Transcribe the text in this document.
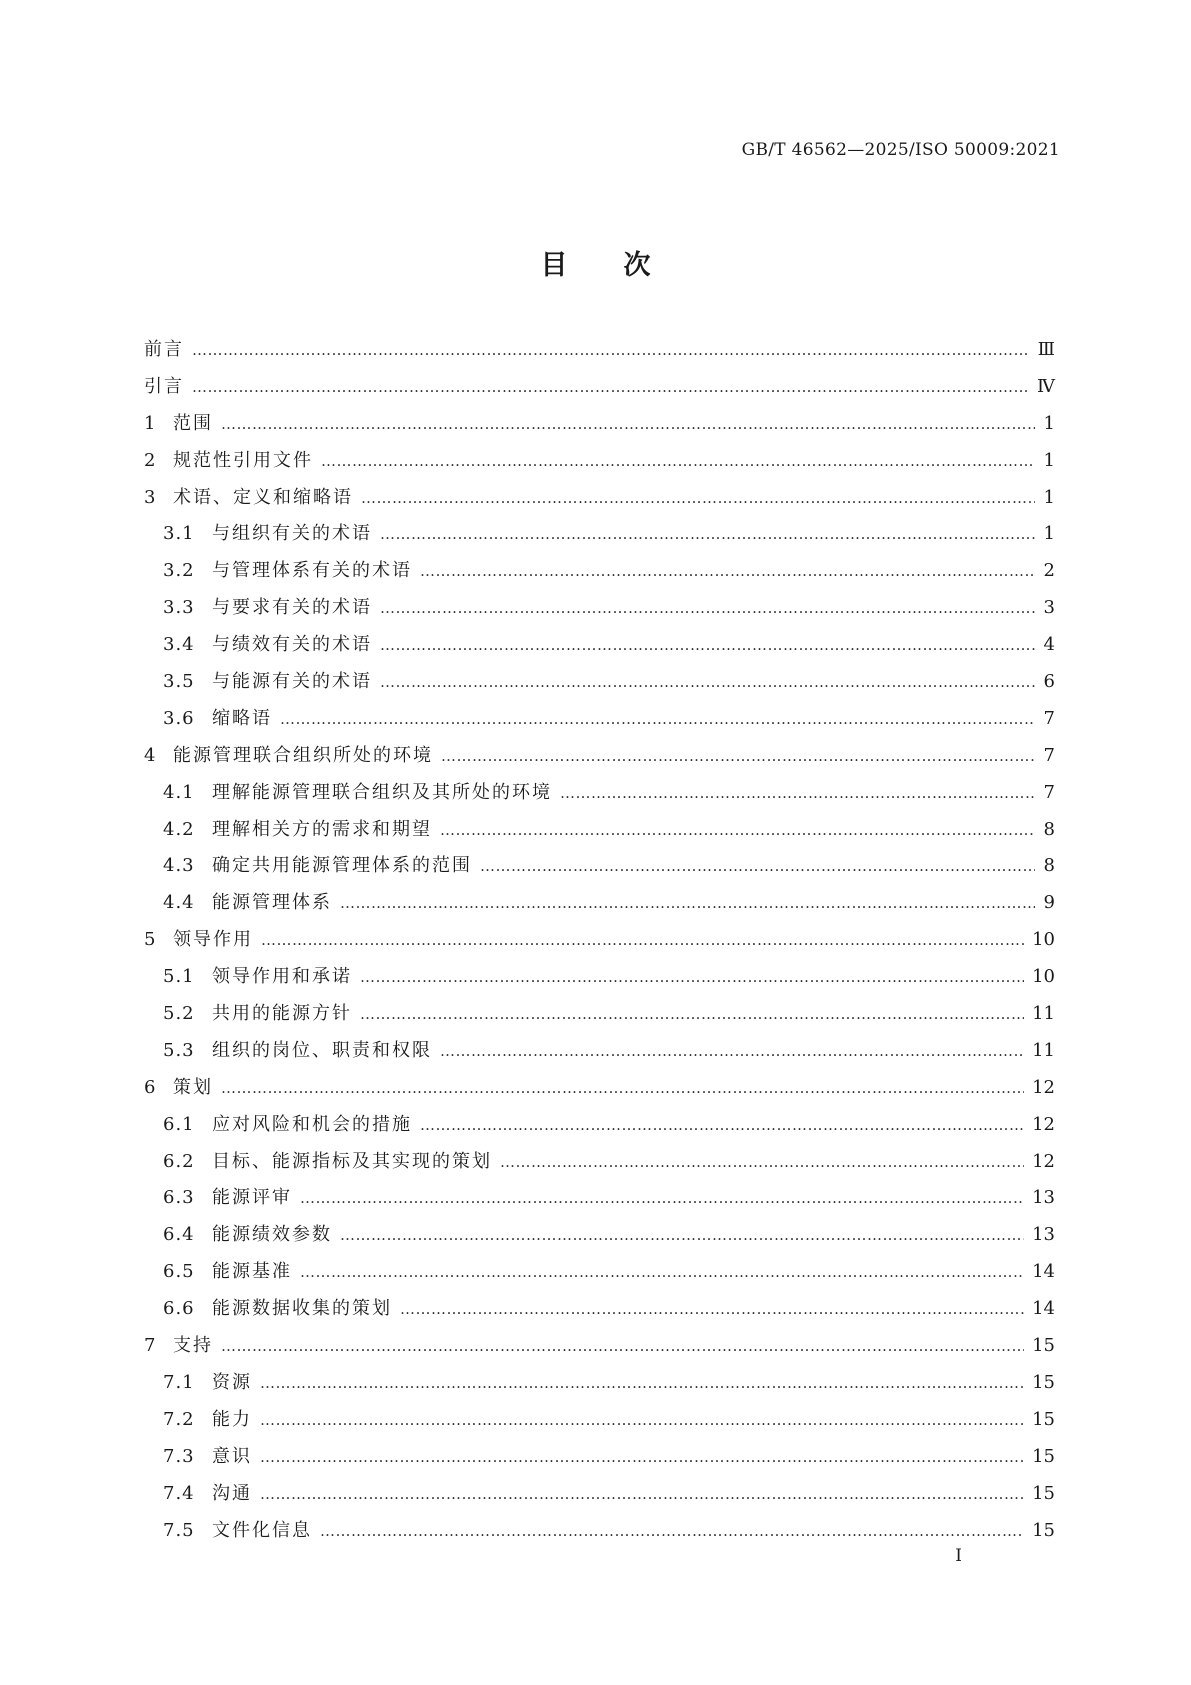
GB/T 46562—2025/ISO 50009:2021
目次
前言 …………………………………………………………………………………………………………………………………………………	Ⅲ
引言 …………………………………………………………………………………………………………………………………………………	Ⅳ
1 范围 …………………………………………………………………………………………………………………………………………………	1
2 规范性引用文件 …………………………………………………………………………………………………………………………………………………	1
3 术语、定义和缩略语 …………………………………………………………………………………………………………………………………………………	1
3.1 与组织有关的术语 …………………………………………………………………………………………………………………………………………………	1
3.2 与管理体系有关的术语 …………………………………………………………………………………………………………………………………………………	2
3.3 与要求有关的术语 …………………………………………………………………………………………………………………………………………………	3
3.4 与绩效有关的术语 …………………………………………………………………………………………………………………………………………………	4
3.5 与能源有关的术语 …………………………………………………………………………………………………………………………………………………	6
3.6 缩略语 …………………………………………………………………………………………………………………………………………………	7
4 能源管理联合组织所处的环境 …………………………………………………………………………………………………………………………………………………	7
4.1 理解能源管理联合组织及其所处的环境 …………………………………………………………………………………………………………………………………………………	7
4.2 理解相关方的需求和期望 …………………………………………………………………………………………………………………………………………………	8
4.3 确定共用能源管理体系的范围 …………………………………………………………………………………………………………………………………………………	8
4.4 能源管理体系 …………………………………………………………………………………………………………………………………………………	9
5 领导作用 …………………………………………………………………………………………………………………………………………………	10
5.1 领导作用和承诺 …………………………………………………………………………………………………………………………………………………	10
5.2 共用的能源方针 …………………………………………………………………………………………………………………………………………………	11
5.3 组织的岗位、职责和权限 …………………………………………………………………………………………………………………………………………………	11
6 策划 …………………………………………………………………………………………………………………………………………………	12
6.1 应对风险和机会的措施 …………………………………………………………………………………………………………………………………………………	12
6.2 目标、能源指标及其实现的策划 …………………………………………………………………………………………………………………………………………………	12
6.3 能源评审 …………………………………………………………………………………………………………………………………………………	13
6.4 能源绩效参数 …………………………………………………………………………………………………………………………………………………	13
6.5 能源基准 …………………………………………………………………………………………………………………………………………………	14
6.6 能源数据收集的策划 …………………………………………………………………………………………………………………………………………………	14
7 支持 …………………………………………………………………………………………………………………………………………………	15
7.1 资源 …………………………………………………………………………………………………………………………………………………	15
7.2 能力 …………………………………………………………………………………………………………………………………………………	15
7.3 意识 …………………………………………………………………………………………………………………………………………………	15
7.4 沟通 …………………………………………………………………………………………………………………………………………………	15
7.5 文件化信息 …………………………………………………………………………………………………………………………………………………	15
I
